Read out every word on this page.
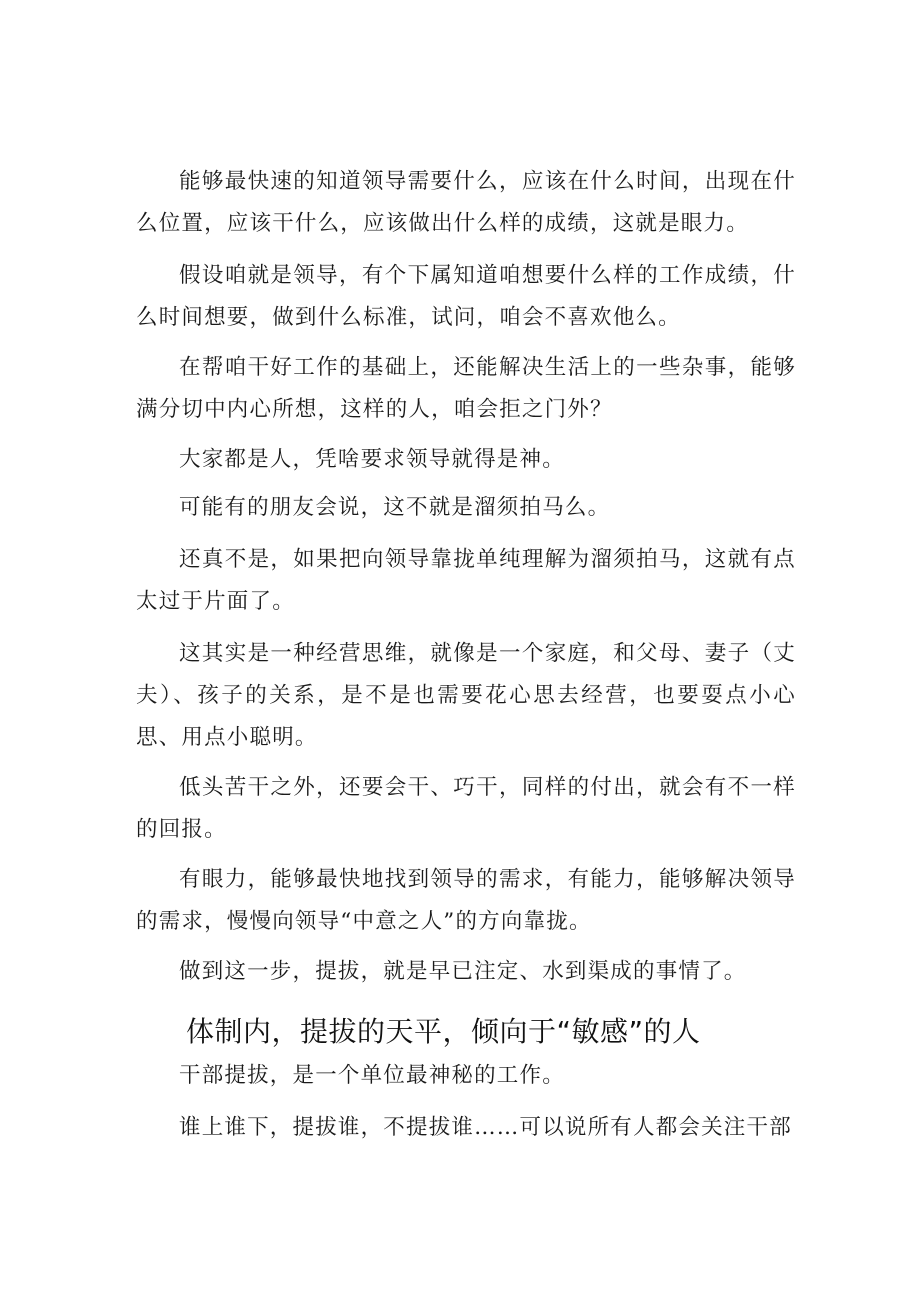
能够最快速的知道领导需要什么，应该在什么时间，出现在什么位置，应该干什么，应该做出什么样的成绩，这就是眼力。

假设咱就是领导，有个下属知道咱想要什么样的工作成绩，什么时间想要，做到什么标准，试问，咱会不喜欢他么。

在帮咱干好工作的基础上，还能解决生活上的一些杂事，能够满分切中内心所想，这样的人，咱会拒之门外？

大家都是人，凭啥要求领导就得是神。

可能有的朋友会说，这不就是溜须拍马么。

还真不是，如果把向领导靠拢单纯理解为溜须拍马，这就有点太过于片面了。

这其实是一种经营思维，就像是一个家庭，和父母、妻子（丈夫）、孩子的关系，是不是也需要花心思去经营，也要耍点小心思、用点小聪明。

低头苦干之外，还要会干、巧干，同样的付出，就会有不一样的回报。

有眼力，能够最快地找到领导的需求，有能力，能够解决领导的需求，慢慢向领导“中意之人”的方向靠拢。

做到这一步，提拔，就是早已注定、水到渠成的事情了。

体制内，提拔的天平，倾向于“敏感”的人

干部提拔，是一个单位最神秘的工作。

谁上谁下，提拔谁，不提拔谁……可以说所有人都会关注干部
